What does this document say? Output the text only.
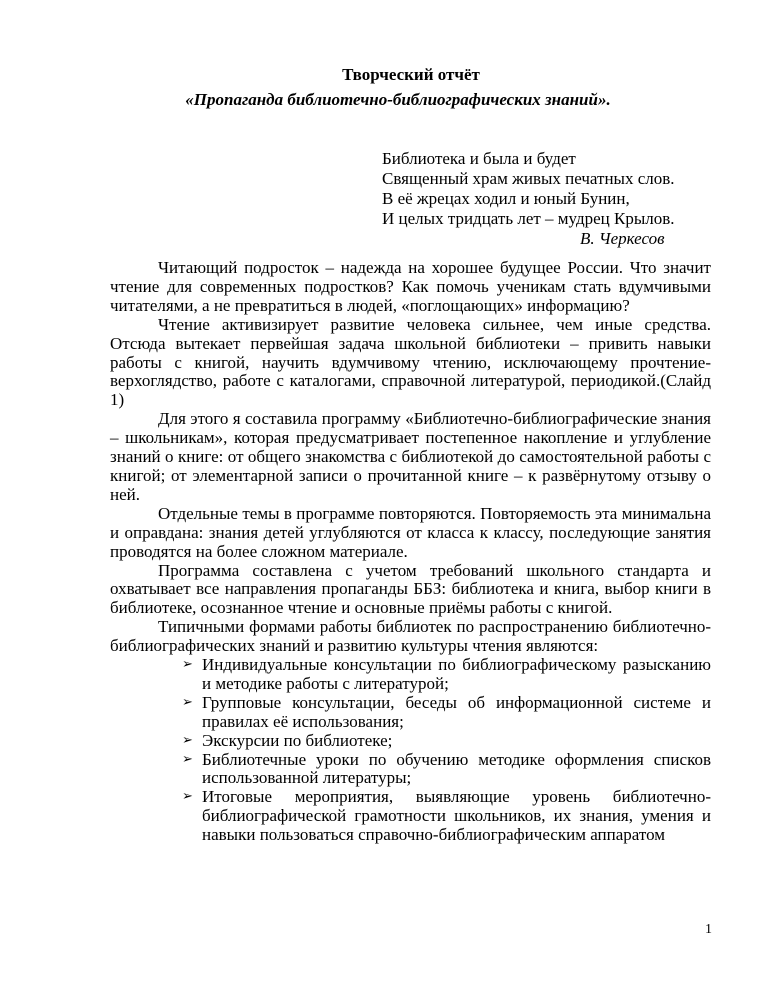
Творческий отчёт
«Пропаганда библиотечно-библиографических знаний».
Библиотека и была и будет
Священный храм живых печатных слов.
В её жрецах ходил и юный Бунин,
И целых тридцать лет – мудрец Крылов.
В. Черкесов

Читающий подросток – надежда на хорошее будущее России. Что значит чтение для современных подростков? Как помочь ученикам стать вдумчивыми читателями, а не превратиться в людей, «поглощающих» информацию?

Чтение активизирует развитие человека сильнее, чем иные средства. Отсюда вытекает первейшая задача школьной библиотеки – привить навыки работы с книгой, научить вдумчивому чтению, исключающему прочтение-верхоглядство, работе с каталогами, справочной литературой, периодикой.(Слайд 1)

Для этого я составила программу «Библиотечно-библиографические знания – школьникам», которая предусматривает постепенное накопление и углубление знаний о книге: от общего знакомства с библиотекой до самостоятельной работы с книгой; от элементарной записи о прочитанной книге – к развёрнутому отзыву о ней.

Отдельные темы в программе повторяются. Повторяемость эта минимальна и оправдана: знания детей углубляются от класса к классу, последующие занятия проводятся на более сложном материале.

Программа составлена с учетом требований школьного стандарта и охватывает все направления пропаганды ББЗ: библиотека и книга, выбор книги в библиотеке, осознанное чтение и основные приёмы работы с книгой.

Типичными формами работы библиотек по распространению библиотечно-библиографических знаний и развитию культуры чтения являются:

➢ Индивидуальные консультации по библиографическому разысканию и методике работы с литературой;
➢ Групповые консультации, беседы об информационной системе и правилах её использования;
➢ Экскурсии по библиотеке;
➢ Библиотечные уроки по обучению методике оформления списков использованной литературы;
➢ Итоговые мероприятия, выявляющие уровень библиотечно-библиографической грамотности школьников, их знания, умения и навыки пользоваться справочно-библиографическим аппаратом
1
